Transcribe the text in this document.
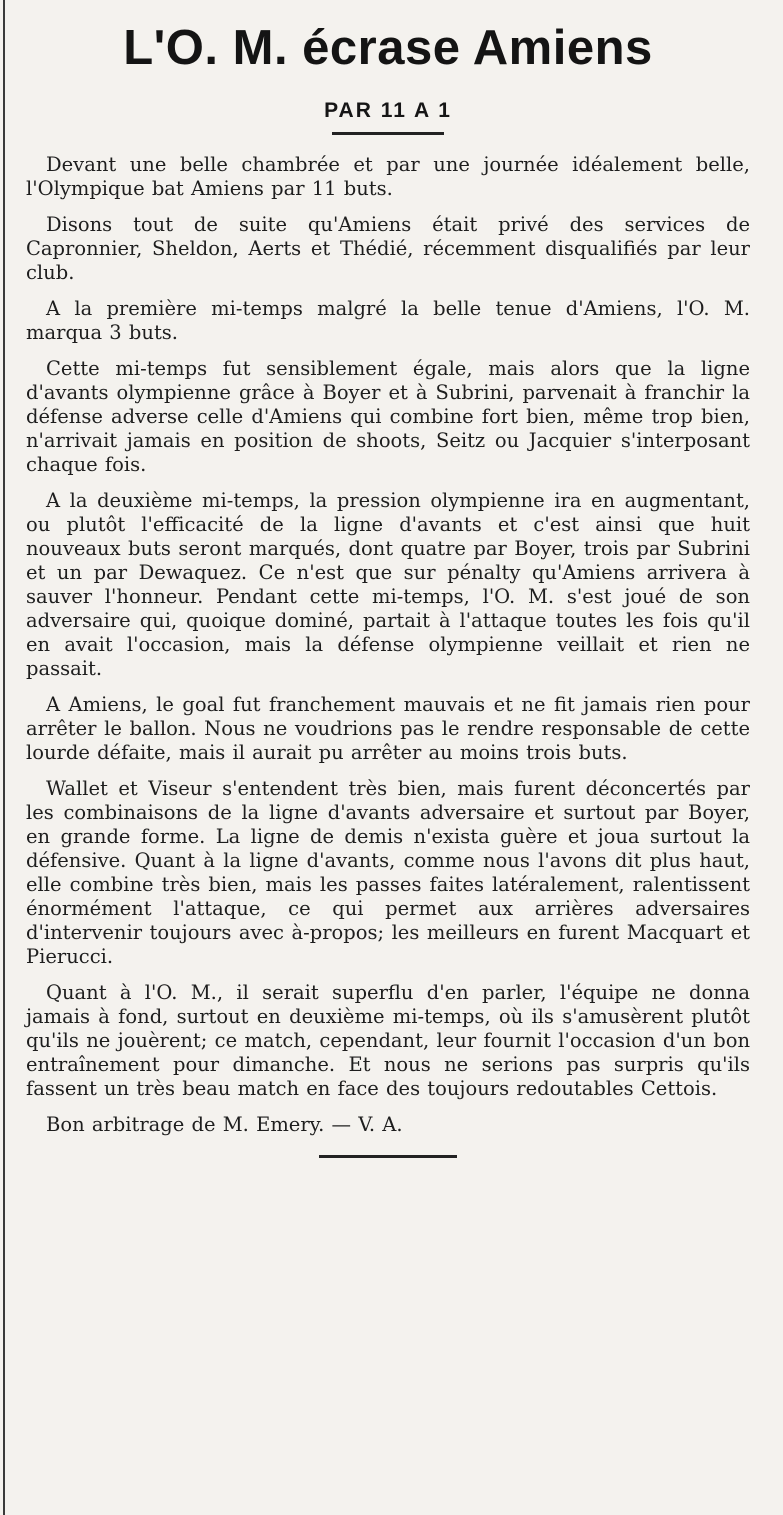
L'O. M. écrase Amiens
PAR 11 A 1

Devant une belle chambrée et par une journée idéalement belle, l'Olympique bat Amiens par 11 buts.

Disons tout de suite qu'Amiens était privé des services de Capronnier, Sheldon, Aerts et Thédié, récemment disqualifiés par leur club.

A la première mi-temps malgré la belle tenue d'Amiens, l'O. M. marqua 3 buts.

Cette mi-temps fut sensiblement égale, mais alors que la ligne d'avants olympienne grâce à Boyer et à Subrini, parvenait à franchir la défense adverse celle d'Amiens qui combine fort bien, même trop bien, n'arrivait jamais en position de shoots, Seitz ou Jacquier s'interposant chaque fois.

A la deuxième mi-temps, la pression olympienne ira en augmentant, ou plutôt l'efficacité de la ligne d'avants et c'est ainsi que huit nouveaux buts seront marqués, dont quatre par Boyer, trois par Subrini et un par Dewaquez. Ce n'est que sur pénalty qu'Amiens arrivera à sauver l'honneur. Pendant cette mi-temps, l'O. M. s'est joué de son adversaire qui, quoique dominé, partait à l'attaque toutes les fois qu'il en avait l'occasion, mais la défense olympienne veillait et rien ne passait.

A Amiens, le goal fut franchement mauvais et ne fit jamais rien pour arrêter le ballon. Nous ne voudrions pas le rendre responsable de cette lourde défaite, mais il aurait pu arrêter au moins trois buts.

Wallet et Viseur s'entendent très bien, mais furent déconcertés par les combinaisons de la ligne d'avants adversaire et surtout par Boyer, en grande forme. La ligne de demis n'exista guère et joua surtout la défensive. Quant à la ligne d'avants, comme nous l'avons dit plus haut, elle combine très bien, mais les passes faites latéralement, ralentissent énormément l'attaque, ce qui permet aux arrières adversaires d'intervenir toujours avec à-propos; les meilleurs en furent Macquart et Pierucci.

Quant à l'O. M., il serait superflu d'en parler, l'équipe ne donna jamais à fond, surtout en deuxième mi-temps, où ils s'amusèrent plutôt qu'ils ne jouèrent; ce match, cependant, leur fournit l'occasion d'un bon entraînement pour dimanche. Et nous ne serions pas surpris qu'ils fassent un très beau match en face des toujours redoutables Cettois.

Bon arbitrage de M. Emery. — V. A.
